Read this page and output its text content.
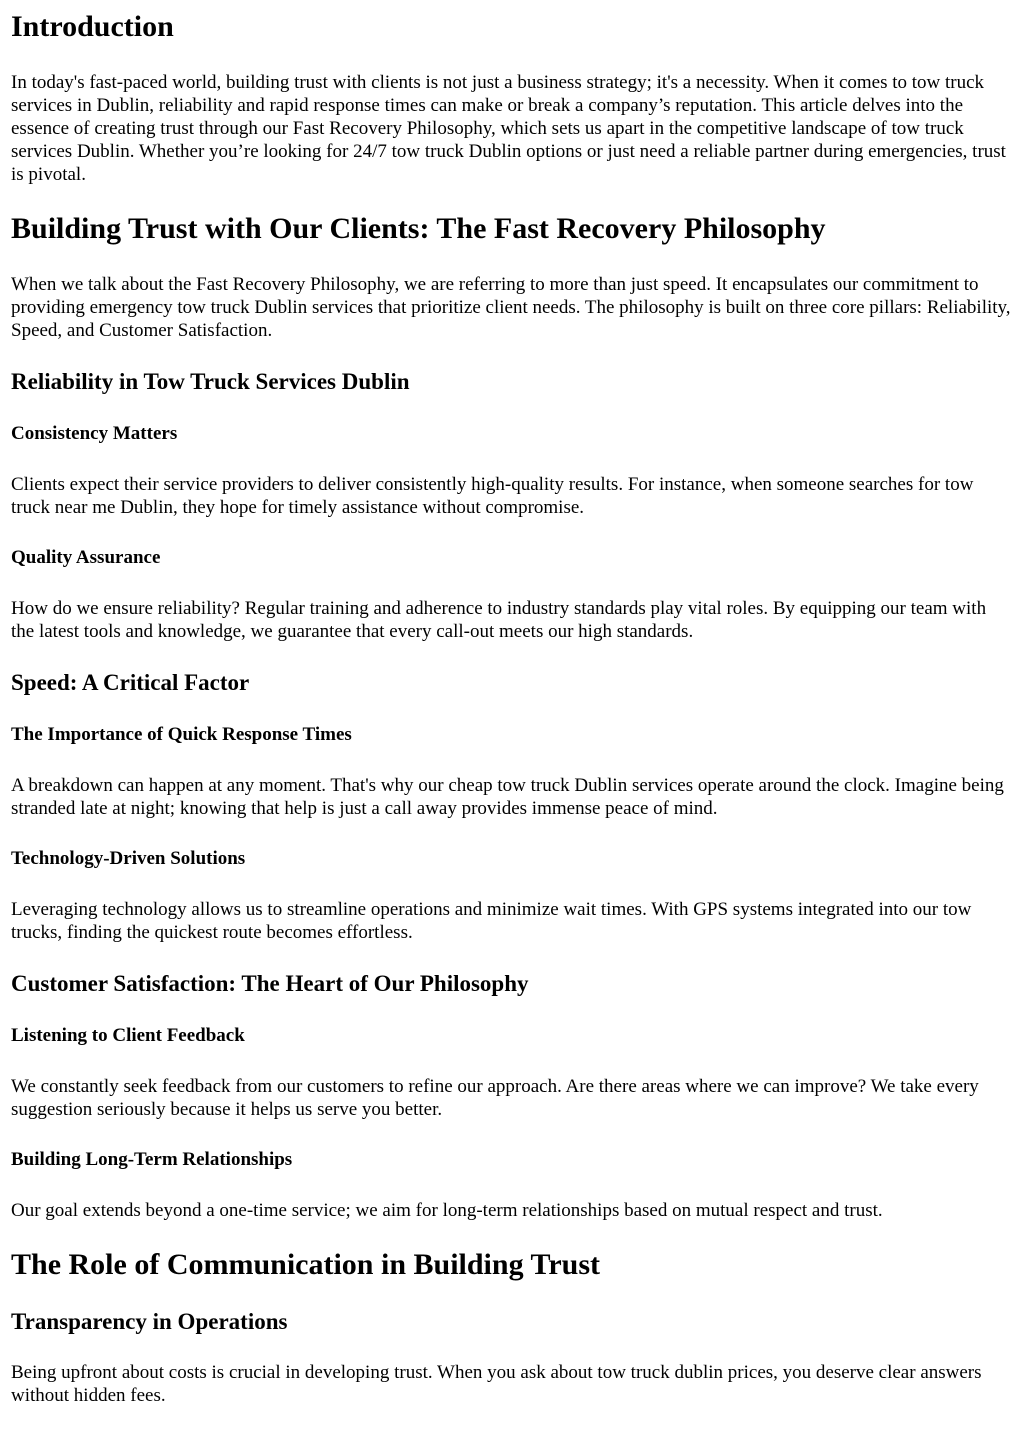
Introduction

In today's fast-paced world, building trust with clients is not just a business strategy; it's a necessity. When it comes to tow truck services in Dublin, reliability and rapid response times can make or break a company’s reputation. This article delves into the essence of creating trust through our Fast Recovery Philosophy, which sets us apart in the competitive landscape of tow truck services Dublin. Whether you’re looking for 24/7 tow truck Dublin options or just need a reliable partner during emergencies, trust is pivotal.

Building Trust with Our Clients: The Fast Recovery Philosophy

When we talk about the Fast Recovery Philosophy, we are referring to more than just speed. It encapsulates our commitment to providing emergency tow truck Dublin services that prioritize client needs. The philosophy is built on three core pillars: Reliability, Speed, and Customer Satisfaction.

Reliability in Tow Truck Services Dublin
Consistency Matters

Clients expect their service providers to deliver consistently high-quality results. For instance, when someone searches for tow truck near me Dublin, they hope for timely assistance without compromise.

Quality Assurance

How do we ensure reliability? Regular training and adherence to industry standards play vital roles. By equipping our team with the latest tools and knowledge, we guarantee that every call-out meets our high standards.

Speed: A Critical Factor
The Importance of Quick Response Times

A breakdown can happen at any moment. That's why our cheap tow truck Dublin services operate around the clock. Imagine being stranded late at night; knowing that help is just a call away provides immense peace of mind.

Technology-Driven Solutions

Leveraging technology allows us to streamline operations and minimize wait times. With GPS systems integrated into our tow trucks, finding the quickest route becomes effortless.

Customer Satisfaction: The Heart of Our Philosophy
Listening to Client Feedback

We constantly seek feedback from our customers to refine our approach. Are there areas where we can improve? We take every suggestion seriously because it helps us serve you better.

Building Long-Term Relationships

Our goal extends beyond a one-time service; we aim for long-term relationships based on mutual respect and trust.

The Role of Communication in Building Trust
Transparency in Operations

Being upfront about costs is crucial in developing trust. When you ask about tow truck dublin prices, you deserve clear answers without hidden fees.
